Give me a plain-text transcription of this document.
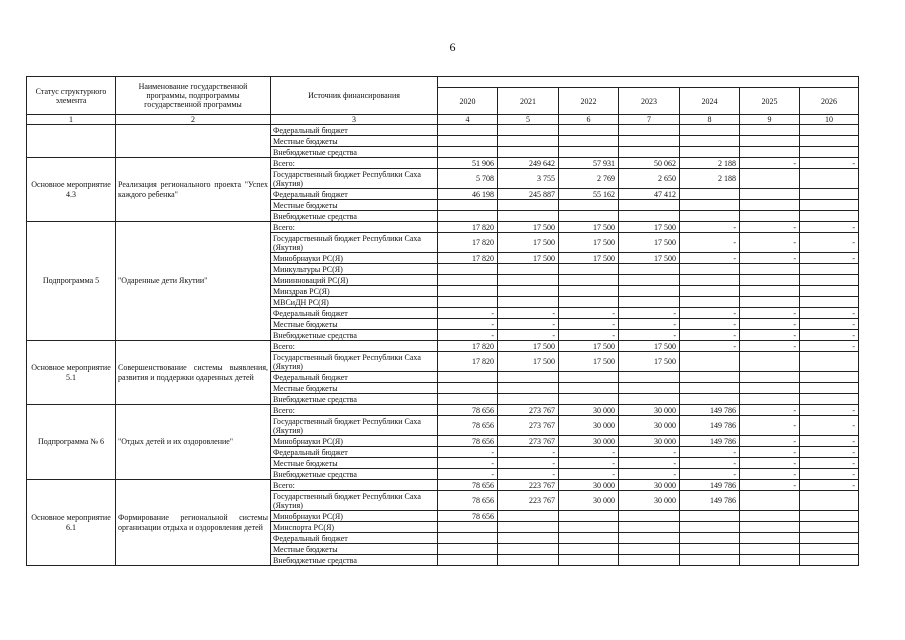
6
Статус структурного элемента	Наименование государственной программы, подпрограммы государственной программы	Источник финансирования							
			2020	2021	2022	2023	2024	2025	2026
1	2	3	4	5	6	7	8	9	10
		Федеральный бюджет							
		Местные бюджеты							
		Внебюджетные средства							
Основное мероприятие 4.3	Реализация регионального проекта "Успех каждого ребенка"	Всего:	51 906	249 642	57 931	50 062	2 188	-	-
		Государственный бюджет Республики Саха (Якутия)	5 708	3 755	2 769	2 650	2 188		
		Федеральный бюджет	46 198	245 887	55 162	47 412			
		Местные бюджеты							
		Внебюджетные средства							
Подпрограмма 5	"Одаренные дети Якутии"	Всего:	17 820	17 500	17 500	17 500	-	-	-
		Государственный бюджет Республики Саха (Якутия)	17 820	17 500	17 500	17 500	-	-	-
		Минобрнауки РС(Я)	17 820	17 500	17 500	17 500	-	-	-
		Минкультуры РС(Я)							
		Мининноваций РС(Я)							
		Минздрав РС(Я)							
		МВСиДН РС(Я)							
		Федеральный бюджет	-	-	-	-	-	-	-
		Местные бюджеты	-	-	-	-	-	-	-
		Внебюджетные средства	-	-	-	-	-	-	-
Основное мероприятие 5.1	Совершенствование системы выявления, развития и поддержки одаренных детей	Всего:	17 820	17 500	17 500	17 500	-	-	-
		Государственный бюджет Республики Саха (Якутия)	17 820	17 500	17 500	17 500			
		Федеральный бюджет							
		Местные бюджеты							
		Внебюджетные средства							
Подпрограмма № 6	"Отдых детей и их оздоровление"	Всего:	78 656	273 767	30 000	30 000	149 786	-	-
		Государственный бюджет Республики Саха (Якутия)	78 656	273 767	30 000	30 000	149 786	-	-
		Минобрнауки РС(Я)	78 656	273 767	30 000	30 000	149 786	-	-
		Федеральный бюджет	-	-	-	-	-	-	-
		Местные бюджеты	-	-	-	-	-	-	-
		Внебюджетные средства	-	-	-	-	-	-	-
Основное мероприятие 6.1	Формирование региональной системы организации отдыха и оздоровления детей	Всего:	78 656	223 767	30 000	30 000	149 786	-	-
		Государственный бюджет Республики Саха (Якутия)	78 656	223 767	30 000	30 000	149 786		
		Минобрнауки РС(Я)	78 656						
		Минспорта РС(Я)							
		Федеральный бюджет							
		Местные бюджеты							
		Внебюджетные средства							
